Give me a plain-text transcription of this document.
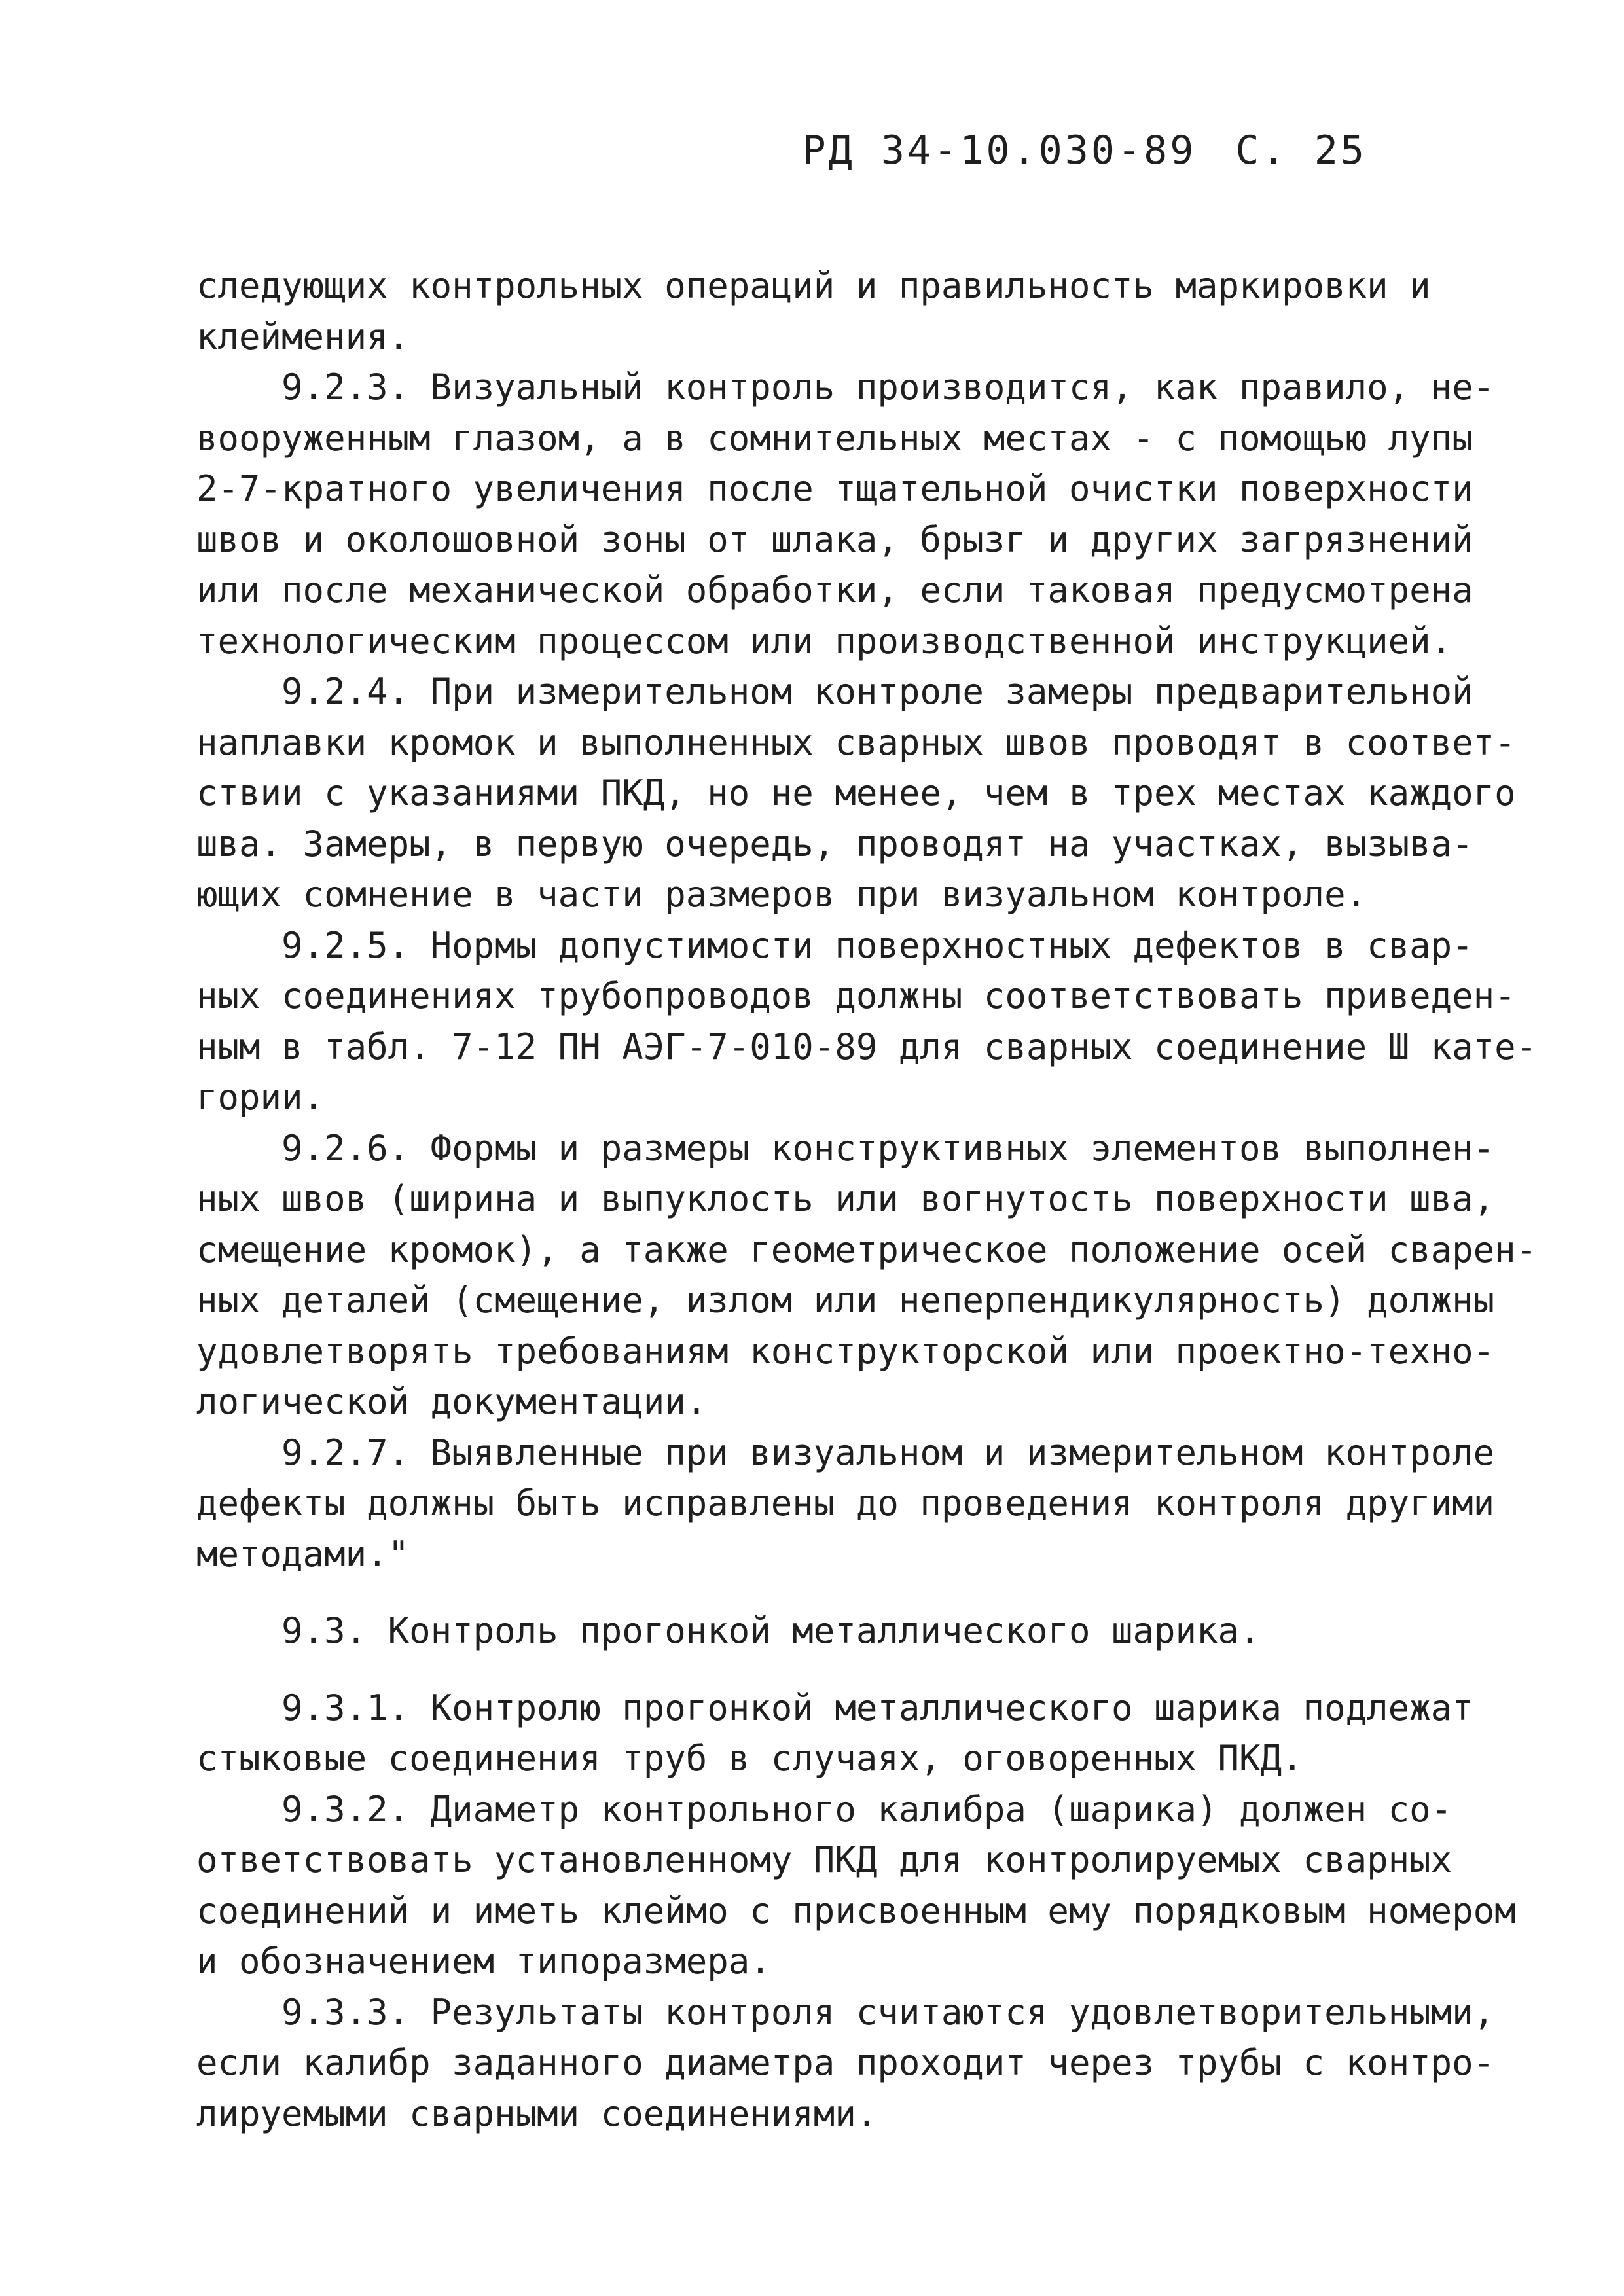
РД 34-10.030-89 С. 25
следующих контрольных операций и правильность маркировки и
клеймения.
9.2.3. Визуальный контроль производится, как правило, не-
вооруженным глазом, а в сомнительных местах - с помощью лупы
2-7-кратного увеличения после тщательной очистки поверхности
швов и околошовной зоны от шлака, брызг и других загрязнений
или после механической обработки, если таковая предусмотрена
технологическим процессом или производственной инструкцией.
9.2.4. При измерительном контроле замеры предварительной
наплавки кромок и выполненных сварных швов проводят в соответ-
ствии с указаниями ПКД, но не менее, чем в трех местах каждого
шва. Замеры, в первую очередь, проводят на участках, вызыва-
ющих сомнение в части размеров при визуальном контроле.
9.2.5. Нормы допустимости поверхностных дефектов в свар-
ных соединениях трубопроводов должны соответствовать приведен-
ным в табл. 7-12 ПН АЭГ-7-010-89 для сварных соединение Ш кате-
гории.
9.2.6. Формы и размеры конструктивных элементов выполнен-
ных швов (ширина и выпуклость или вогнутость поверхности шва,
смещение кромок), а также геометрическое положение осей сварен-
ных деталей (смещение, излом или неперпендикулярность) должны
удовлетворять требованиям конструкторской или проектно-техно-
логической документации.
9.2.7. Выявленные при визуальном и измерительном контроле
дефекты должны быть исправлены до проведения контроля другими
методами."
9.3. Контроль прогонкой металлического шарика.
9.3.1. Контролю прогонкой металлического шарика подлежат
стыковые соединения труб в случаях, оговоренных ПКД.
9.3.2. Диаметр контрольного калибра (шарика) должен со-
ответствовать установленному ПКД для контролируемых сварных
соединений и иметь клеймо с присвоенным ему порядковым номером
и обозначением типоразмера.
9.3.3. Результаты контроля считаются удовлетворительными,
если калибр заданного диаметра проходит через трубы с контро-
лируемыми сварными соединениями.
